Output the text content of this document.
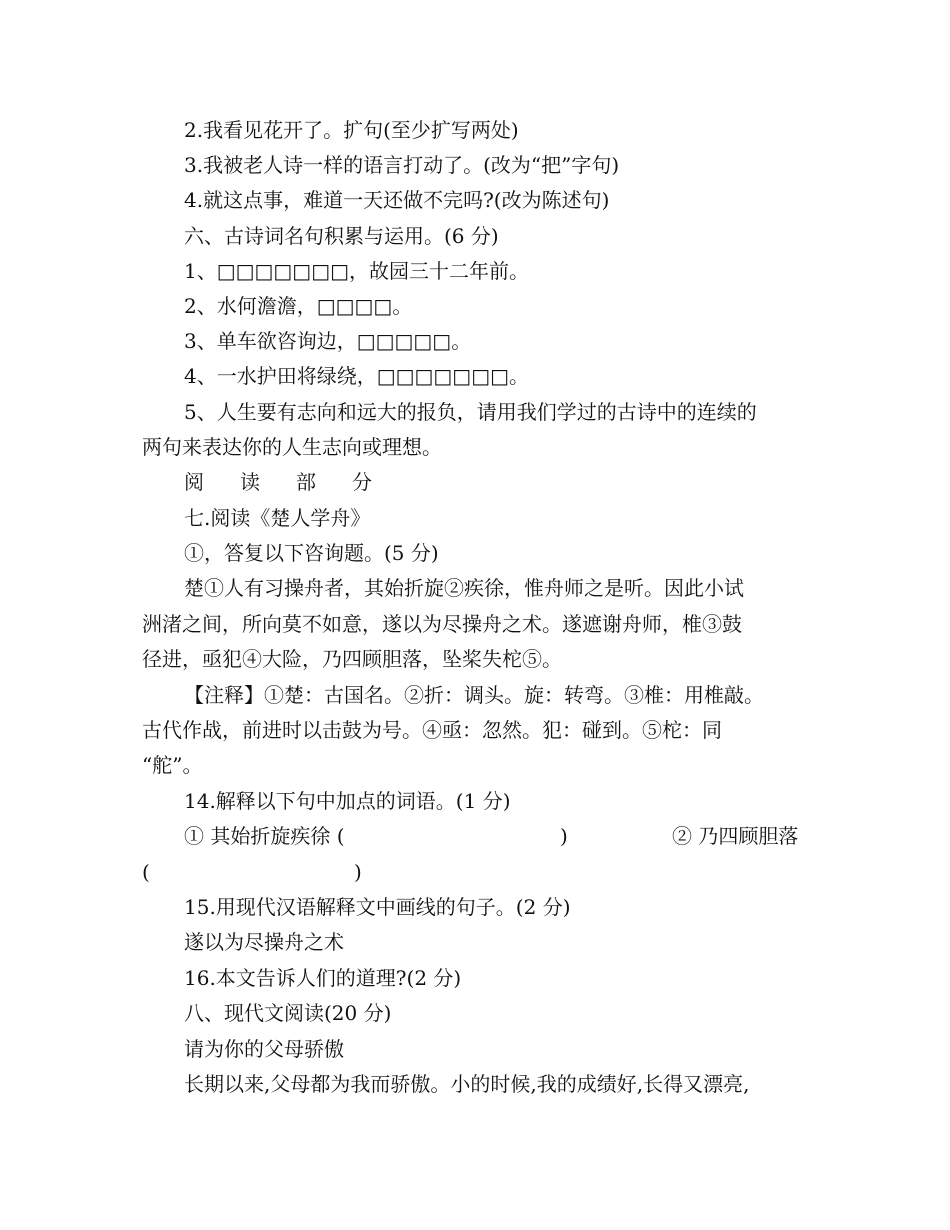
2.我看见花开了。扩句(至少扩写两处)
3.我被老人诗一样的语言打动了。(改为“把”字句)
4.就这点事，难道一天还做不完吗?(改为陈述句)
六、古诗词名句积累与运用。(6 分)
1、□□□□□□□，故园三十二年前。
2、水何澹澹，□□□□。
3、单车欲咨询边，□□□□□。
4、一水护田将绿绕，□□□□□□□。
5、人生要有志向和远大的报负，请用我们学过的古诗中的连续的
两句来表达你的人生志向或理想。
阅 读 部 分
七.阅读《楚人学舟》
①，答复以下咨询题。(5 分)
楚①人有习操舟者，其始折旋②疾徐，惟舟师之是听。因此小试
洲渚之间，所向莫不如意，遂以为尽操舟之术。遂遮谢舟师，椎③鼓
径进，亟犯④大险，乃四顾胆落，坠桨失柁⑤。
【注释】①楚：古国名。②折：调头。旋：转弯。③椎：用椎敲。
古代作战，前进时以击鼓为号。④亟：忽然。犯：碰到。⑤柁：同
“舵”。
14.解释以下句中加点的词语。(1 分)
① 其始折旋疾徐 (	)	② 乃四顾胆落
(	)
15.用现代汉语解释文中画线的句子。(2 分)
遂以为尽操舟之术
16.本文告诉人们的道理?(2 分)
八、现代文阅读(20 分)
请为你的父母骄傲
长期以来,父母都为我而骄傲。小的时候,我的成绩好,长得又漂亮,
